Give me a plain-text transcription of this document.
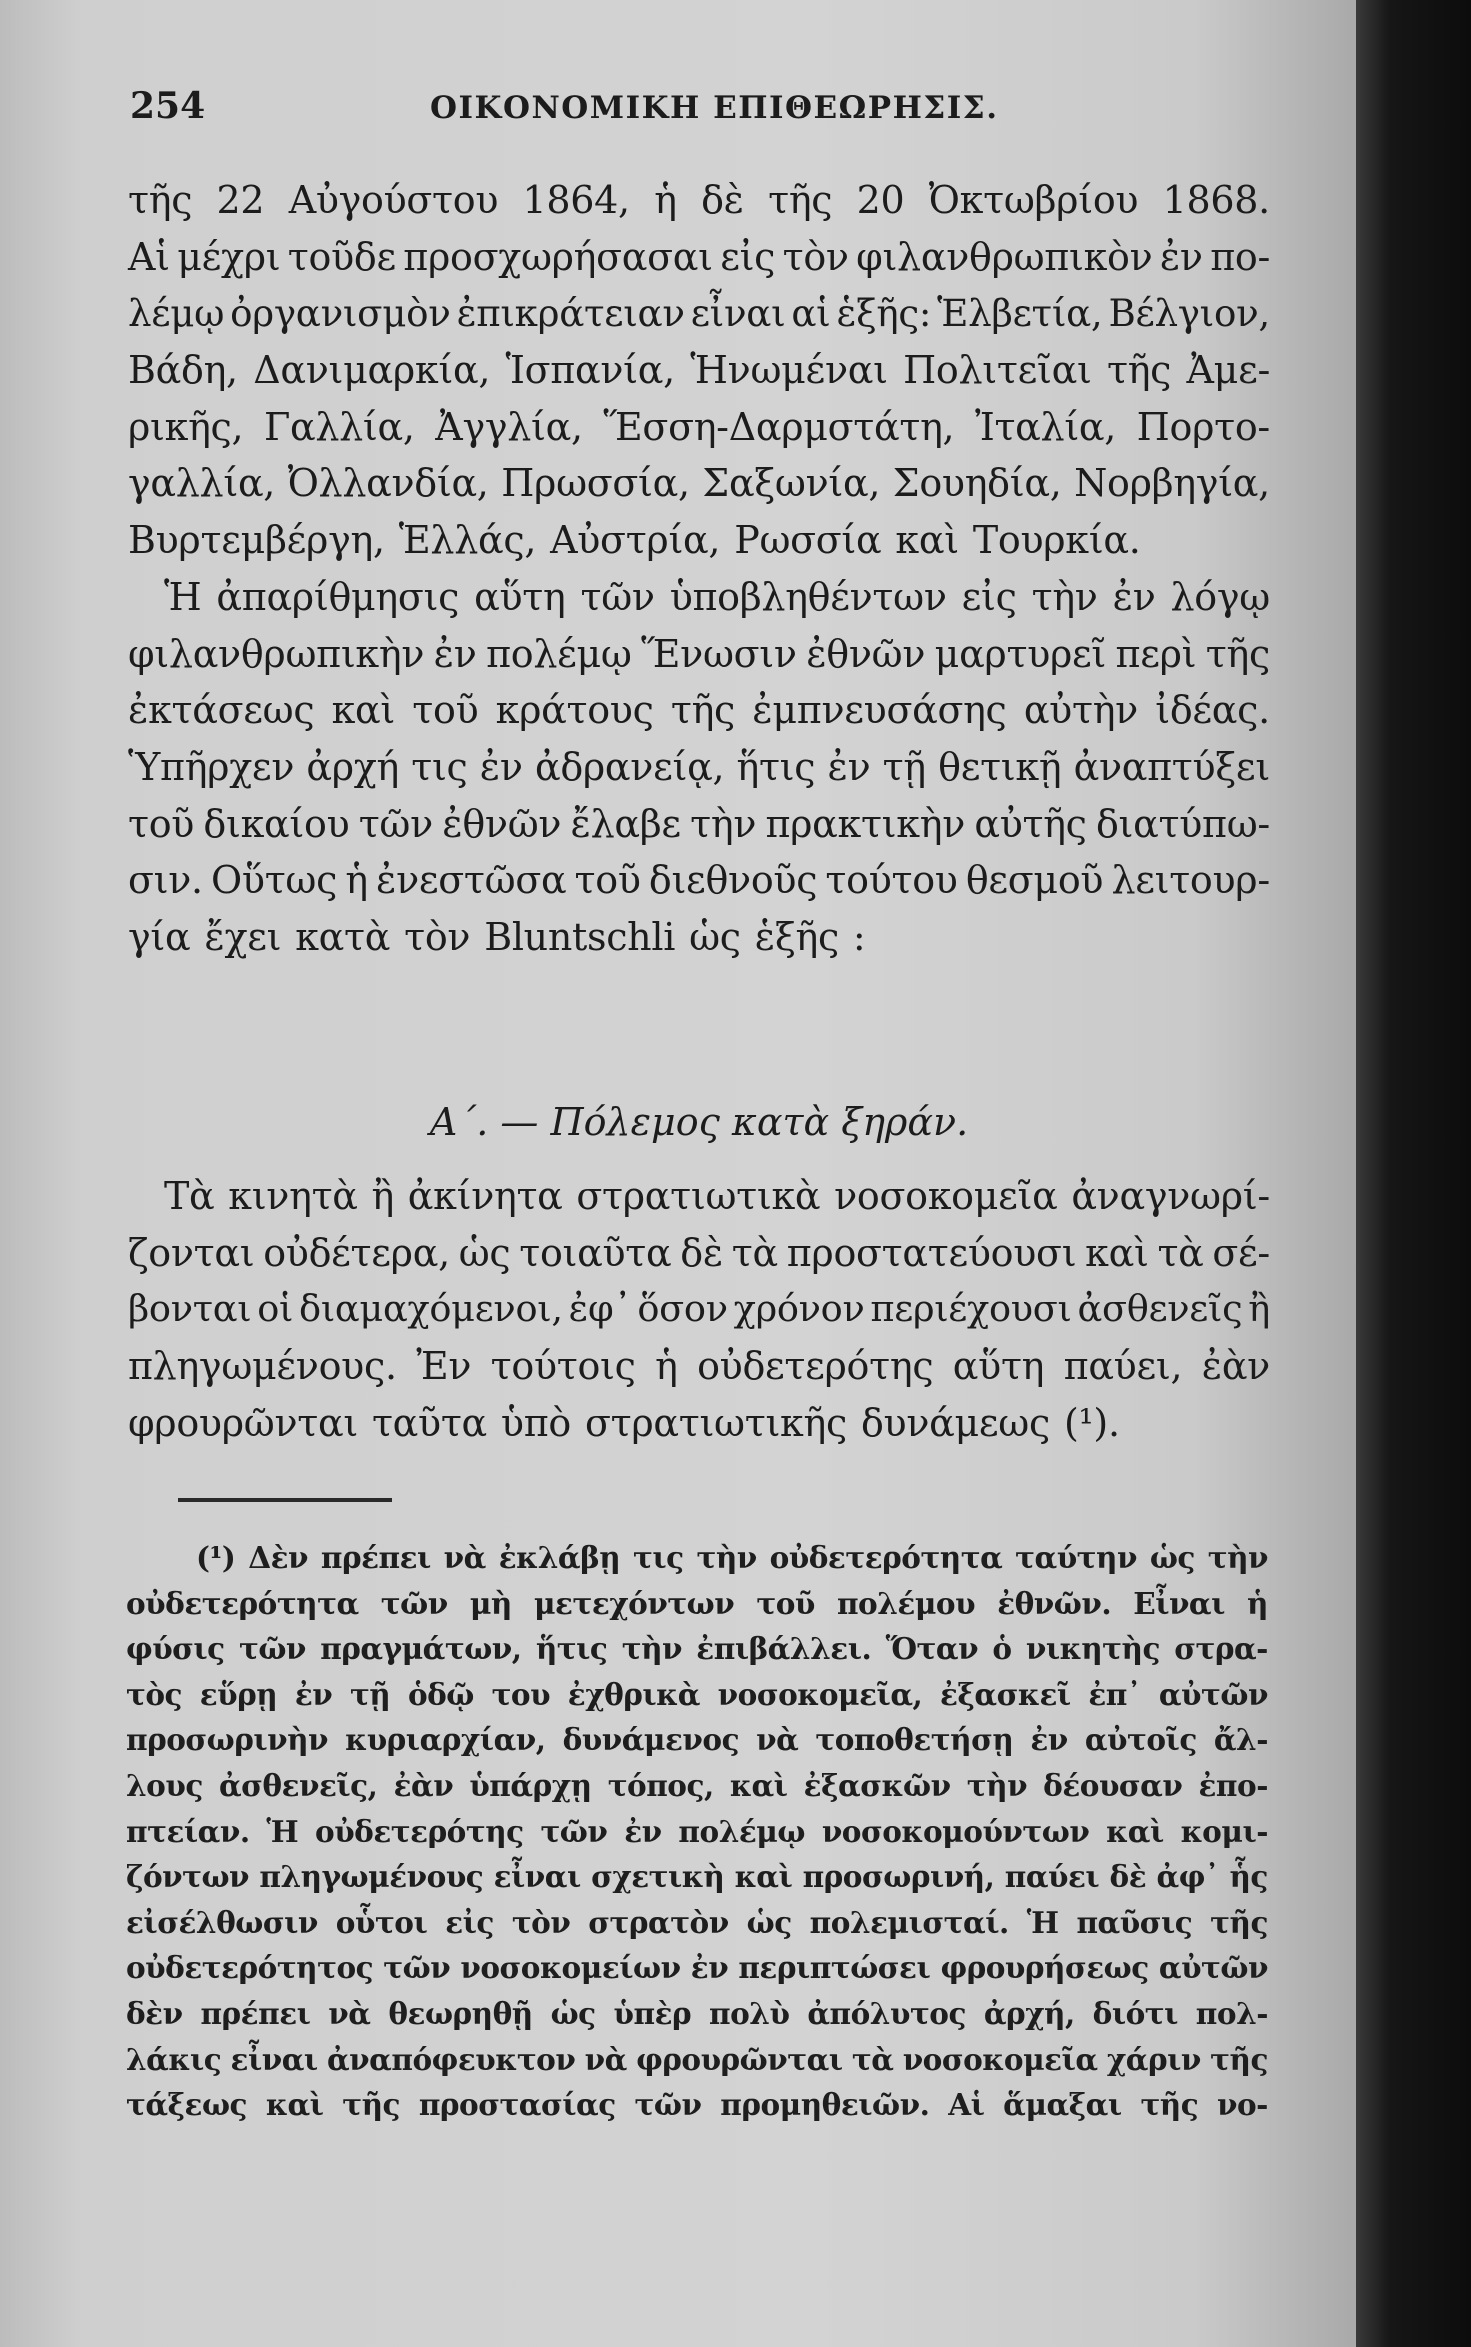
254	ΟΙΚΟΝΟΜΙΚΗ ΕΠΙΘΕΩΡΗΣΙΣ.
τῆς 22 Αὐγούστου 1864, ἡ δὲ τῆς 20 Ὀκτωβρίου 1868.
Αἱ μέχρι τοῦδε προσχωρήσασαι εἰς τὸν φιλανθρωπικὸν ἐν πο-
λέμῳ ὀργανισμὸν ἐπικράτειαν εἶναι αἱ ἑξῆς: Ἑλβετία, Βέλγιον,
Βάδη, Δανιμαρκία, Ἱσπανία, Ἡνωμέναι Πολιτεῖαι τῆς Ἀμε-
ρικῆς, Γαλλία, Ἀγγλία, Ἕσση-Δαρμστάτη, Ἰταλία, Πορτο-
γαλλία, Ὀλλανδία, Πρωσσία, Σαξωνία, Σουηδία, Νορβηγία,
Βυρτεμβέργη, Ἑλλάς, Αὐστρία, Ρωσσία καὶ Τουρκία.
Ἡ ἀπαρίθμησις αὕτη τῶν ὑποβληθέντων εἰς τὴν ἐν λόγῳ
φιλανθρωπικὴν ἐν πολέμῳ Ἕνωσιν ἐθνῶν μαρτυρεῖ περὶ τῆς
ἐκτάσεως καὶ τοῦ κράτους τῆς ἐμπνευσάσης αὐτὴν ἰδέας.
Ὑπῆρχεν ἀρχή τις ἐν ἀδρανείᾳ, ἥτις ἐν τῇ θετικῇ ἀναπτύξει
τοῦ δικαίου τῶν ἐθνῶν ἔλαβε τὴν πρακτικὴν αὐτῆς διατύπω-
σιν. Οὕτως ἡ ἐνεστῶσα τοῦ διεθνοῦς τούτου θεσμοῦ λειτουρ-
γία ἔχει κατὰ τὸν Bluntschli ὡς ἑξῆς :
Α΄. — Πόλεμος κατὰ ξηράν.
Τὰ κινητὰ ἢ ἀκίνητα στρατιωτικὰ νοσοκομεῖα ἀναγνωρί-
ζονται οὐδέτερα, ὡς τοιαῦτα δὲ τὰ προστατεύουσι καὶ τὰ σέ-
βονται οἱ διαμαχόμενοι, ἐφ᾽ ὅσον χρόνον περιέχουσι ἀσθενεῖς ἢ
πληγωμένους. Ἐν τούτοις ἡ οὐδετερότης αὕτη παύει, ἐὰν
φρουρῶνται ταῦτα ὑπὸ στρατιωτικῆς δυνάμεως (¹).
(¹) Δὲν πρέπει νὰ ἐκλάβῃ τις τὴν οὐδετερότητα ταύτην ὡς τὴν
οὐδετερότητα τῶν μὴ μετεχόντων τοῦ πολέμου ἐθνῶν. Εἶναι ἡ
φύσις τῶν πραγμάτων, ἥτις τὴν ἐπιβάλλει. Ὅταν ὁ νικητὴς στρα-
τὸς εὕρῃ ἐν τῇ ὁδῷ του ἐχθρικὰ νοσοκομεῖα, ἐξασκεῖ ἐπ᾽ αὐτῶν
προσωρινὴν κυριαρχίαν, δυνάμενος νὰ τοποθετήσῃ ἐν αὐτοῖς ἄλ-
λους ἀσθενεῖς, ἐὰν ὑπάρχῃ τόπος, καὶ ἐξασκῶν τὴν δέουσαν ἐπο-
πτείαν. Ἡ οὐδετερότης τῶν ἐν πολέμῳ νοσοκομούντων καὶ κομι-
ζόντων πληγωμένους εἶναι σχετικὴ καὶ προσωρινή, παύει δὲ ἀφ᾽ ἧς
εἰσέλθωσιν οὗτοι εἰς τὸν στρατὸν ὡς πολεμισταί. Ἡ παῦσις τῆς
οὐδετερότητος τῶν νοσοκομείων ἐν περιπτώσει φρουρήσεως αὐτῶν
δὲν πρέπει νὰ θεωρηθῇ ὡς ὑπὲρ πολὺ ἀπόλυτος ἀρχή, διότι πολ-
λάκις εἶναι ἀναπόφευκτον νὰ φρουρῶνται τὰ νοσοκομεῖα χάριν τῆς
τάξεως καὶ τῆς προστασίας τῶν προμηθειῶν. Αἱ ἅμαξαι τῆς νο-
